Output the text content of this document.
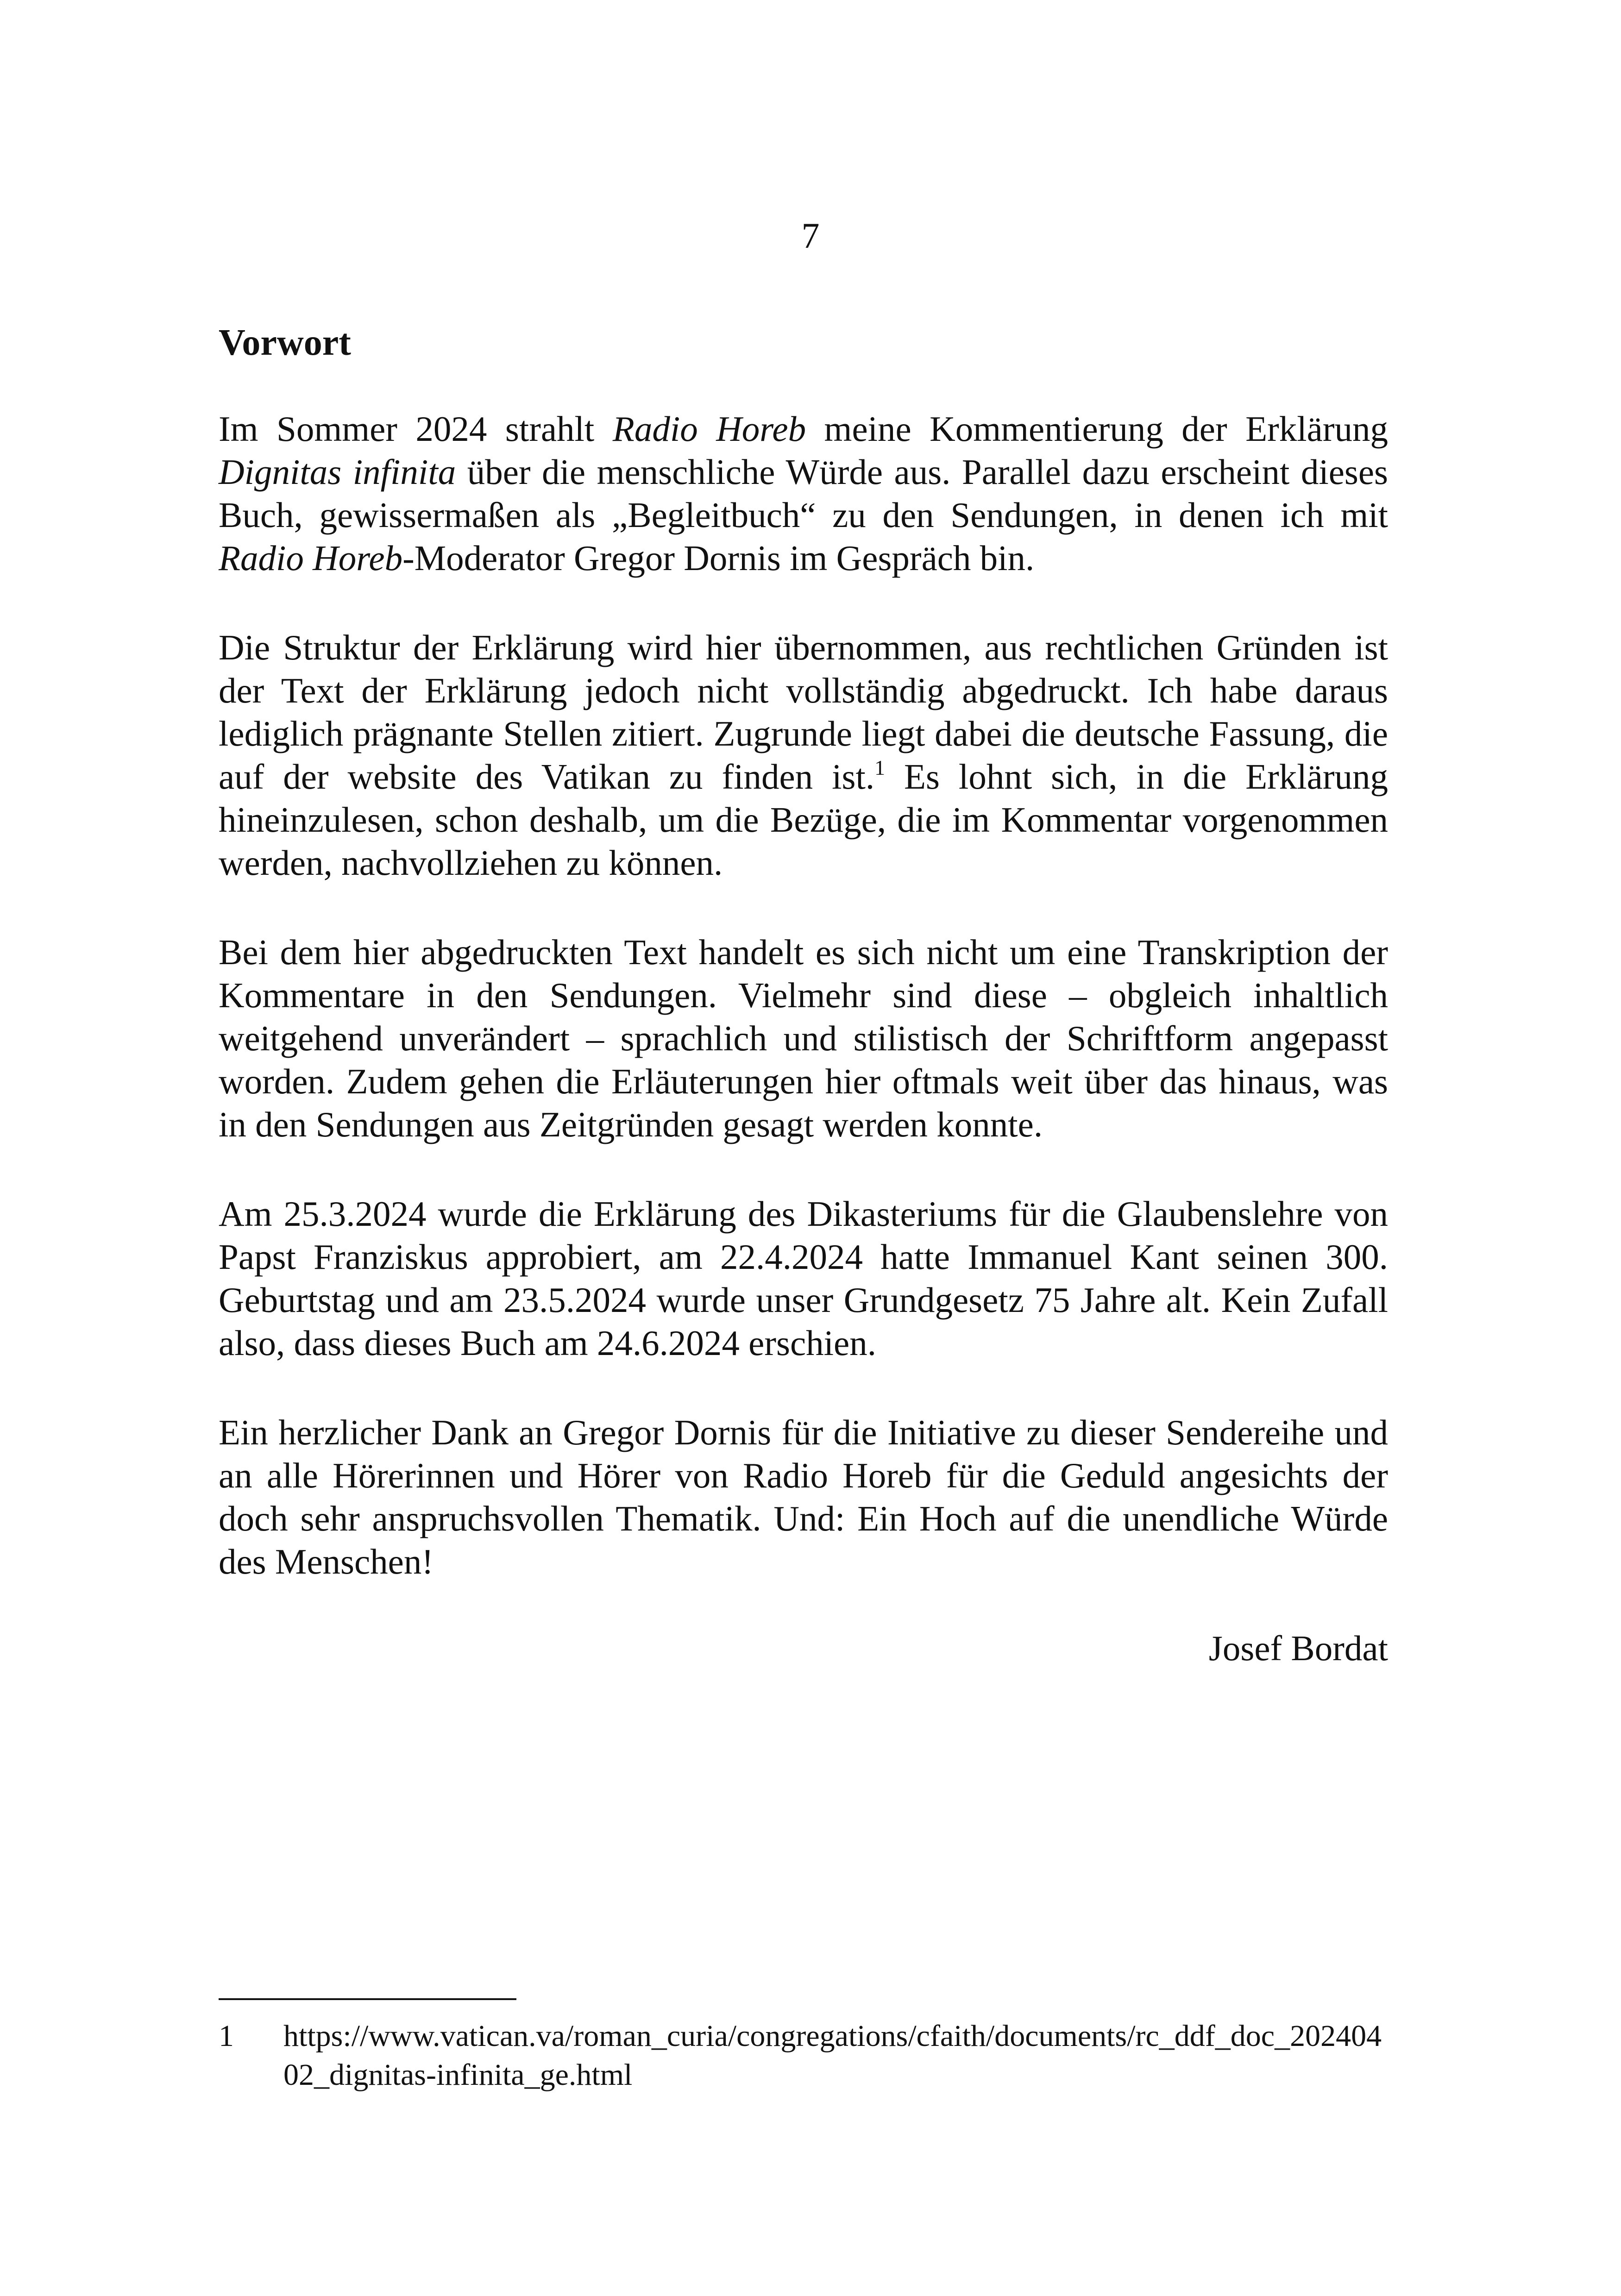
7
Vorwort

Im Sommer 2024 strahlt Radio Horeb meine Kommentierung der Erklärung Dignitas infinita über die menschliche Würde aus. Parallel dazu erscheint dieses Buch, gewissermaßen als „Begleitbuch“ zu den Sendungen, in denen ich mit Radio Horeb-Moderator Gregor Dornis im Gespräch bin.

Die Struktur der Erklärung wird hier übernommen, aus rechtlichen Gründen ist der Text der Erklärung jedoch nicht vollständig abgedruckt. Ich habe daraus lediglich prägnante Stellen zitiert. Zugrunde liegt dabei die deutsche Fassung, die auf der website des Vatikan zu finden ist.$^1$ Es lohnt sich, in die Erklärung hineinzulesen, schon deshalb, um die Bezüge, die im Kommentar vorgenommen werden, nachvollziehen zu können.

Bei dem hier abgedruckten Text handelt es sich nicht um eine Transkription der Kommentare in den Sendungen. Vielmehr sind diese – obgleich inhaltlich weitgehend unverändert – sprachlich und stilistisch der Schriftform angepasst worden. Zudem gehen die Erläuterungen hier oftmals weit über das hinaus, was in den Sendungen aus Zeitgründen gesagt werden konnte.

Am 25.3.2024 wurde die Erklärung des Dikasteriums für die Glaubenslehre von Papst Franziskus approbiert, am 22.4.2024 hatte Immanuel Kant seinen 300. Geburtstag und am 23.5.2024 wurde unser Grundgesetz 75 Jahre alt. Kein Zufall also, dass dieses Buch am 24.6.2024 erschien.

Ein herzlicher Dank an Gregor Dornis für die Initiative zu dieser Sendereihe und an alle Hörerinnen und Hörer von Radio Horeb für die Geduld angesichts der doch sehr anspruchsvollen Thematik. Und: Ein Hoch auf die unendliche Würde des Menschen!

Josef Bordat
1	https://www.vatican.va/roman_curia/congregations/cfaith/documents/rc_ddf_doc_20240402_dignitas-infinita_ge.html
